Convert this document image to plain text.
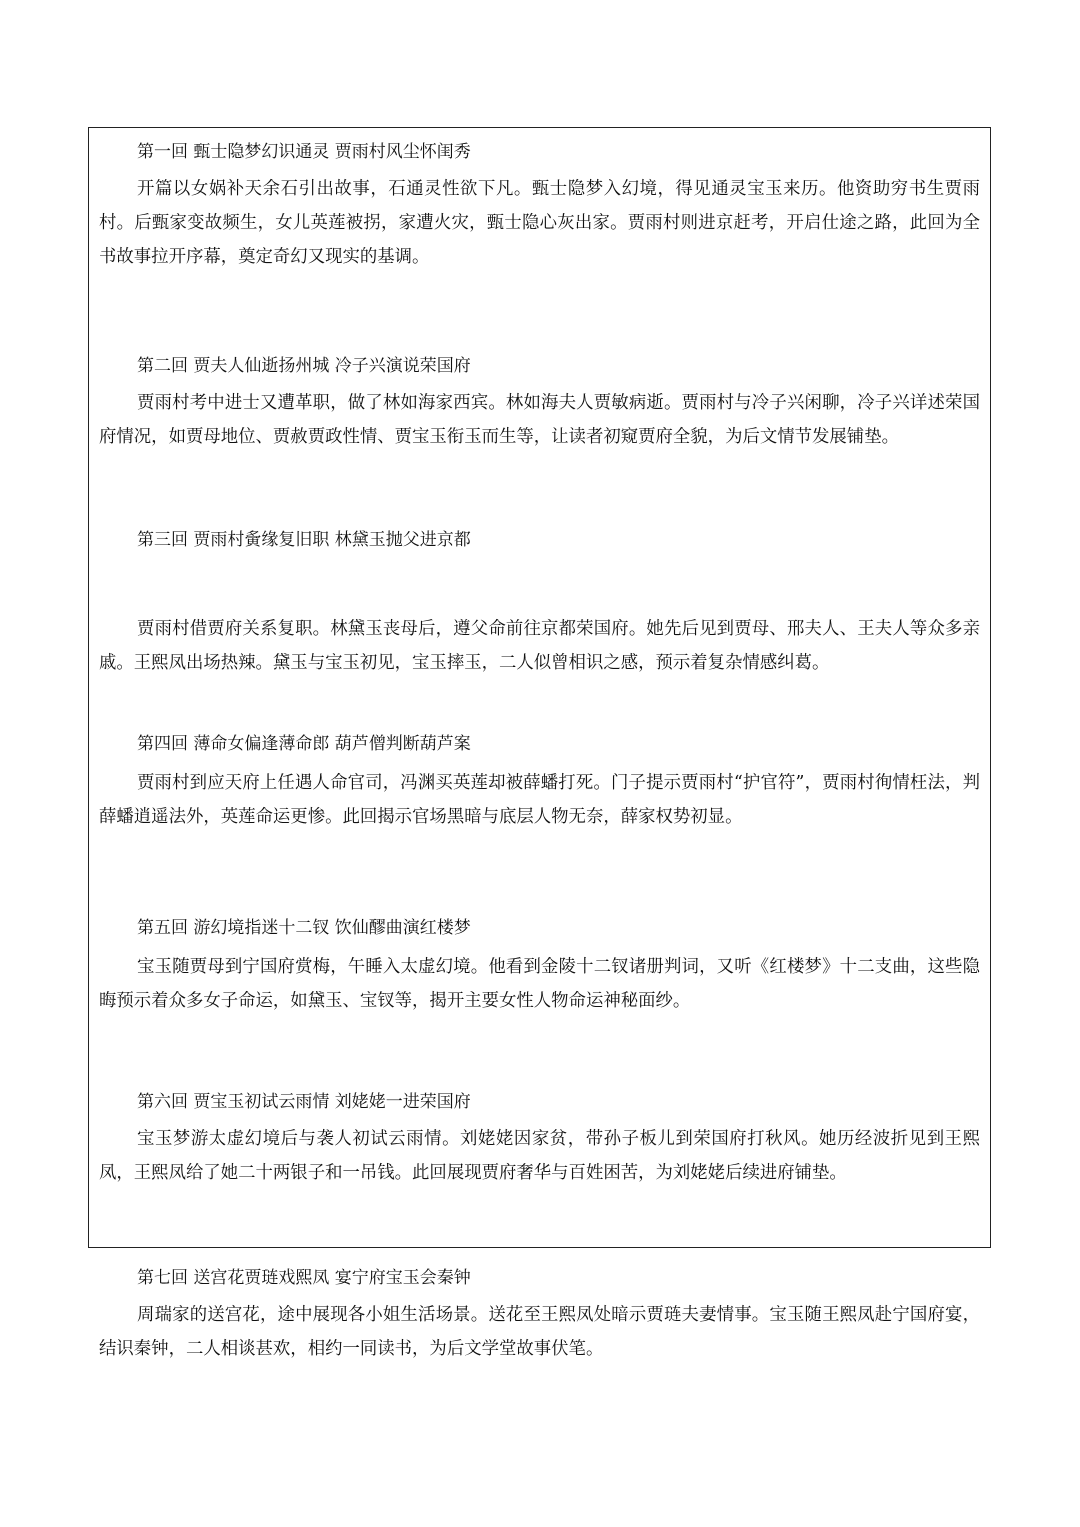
第一回 甄士隐梦幻识通灵 贾雨村风尘怀闺秀

开篇以女娲补天余石引出故事，石通灵性欲下凡。甄士隐梦入幻境，得见通灵宝玉来历。他资助穷书生贾雨村。后甄家变故频生，女儿英莲被拐，家遭火灾，甄士隐心灰出家。贾雨村则进京赶考，开启仕途之路，此回为全书故事拉开序幕，奠定奇幻又现实的基调。

第二回 贾夫人仙逝扬州城 冷子兴演说荣国府

贾雨村考中进士又遭革职，做了林如海家西宾。林如海夫人贾敏病逝。贾雨村与冷子兴闲聊，冷子兴详述荣国府情况，如贾母地位、贾赦贾政性情、贾宝玉衔玉而生等，让读者初窥贾府全貌，为后文情节发展铺垫。

第三回 贾雨村夤缘复旧职 林黛玉抛父进京都

贾雨村借贾府关系复职。林黛玉丧母后，遵父命前往京都荣国府。她先后见到贾母、邢夫人、王夫人等众多亲戚。王熙凤出场热辣。黛玉与宝玉初见，宝玉摔玉，二人似曾相识之感，预示着复杂情感纠葛。

第四回 薄命女偏逢薄命郎 葫芦僧判断葫芦案

贾雨村到应天府上任遇人命官司，冯渊买英莲却被薛蟠打死。门子提示贾雨村“护官符”，贾雨村徇情枉法，判薛蟠逍遥法外，英莲命运更惨。此回揭示官场黑暗与底层人物无奈，薛家权势初显。

第五回 游幻境指迷十二钗 饮仙醪曲演红楼梦

宝玉随贾母到宁国府赏梅，午睡入太虚幻境。他看到金陵十二钗诸册判词，又听《红楼梦》十二支曲，这些隐晦预示着众多女子命运，如黛玉、宝钗等，揭开主要女性人物命运神秘面纱。

第六回 贾宝玉初试云雨情 刘姥姥一进荣国府

宝玉梦游太虚幻境后与袭人初试云雨情。刘姥姥因家贫，带孙子板儿到荣国府打秋风。她历经波折见到王熙凤，王熙凤给了她二十两银子和一吊钱。此回展现贾府奢华与百姓困苦，为刘姥姥后续进府铺垫。

第七回 送宫花贾琏戏熙凤 宴宁府宝玉会秦钟

周瑞家的送宫花，途中展现各小姐生活场景。送花至王熙凤处暗示贾琏夫妻情事。宝玉随王熙凤赴宁国府宴，结识秦钟，二人相谈甚欢，相约一同读书，为后文学堂故事伏笔。
